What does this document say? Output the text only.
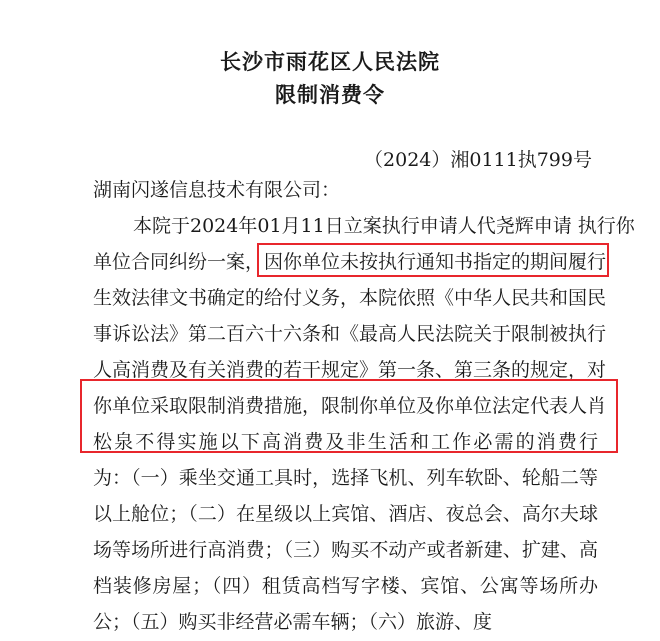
长沙市雨花区人民法院
限制消费令
（2024）湘0111执799号
湖南闪遂信息技术有限公司：
本院于2024年01月11日立案执行申请人代尧辉申请 执行你
单位合同纠纷一案，因你单位未按执行通知书指定的期间履行
生效法律文书确定的给付义务，本院依照《中华人民共和国民
事诉讼法》第二百六十六条和《最高人民法院关于限制被执行
人高消费及有关消费的若干规定》第一条、第三条的规定，对
你单位采取限制消费措施，限制你单位及你单位法定代表人肖
松泉不得实施以下高消费及非生活和工作必需的消费行
为：（一）乘坐交通工具时，选择飞机、列车软卧、轮船二等
以上舱位；（二）在星级以上宾馆、酒店、夜总会、高尔夫球
场等场所进行高消费；（三）购买不动产或者新建、扩建、高
档装修房屋；（四）租赁高档写字楼、宾馆、公寓等场所办
公；（五）购买非经营必需车辆；（六）旅游、度
